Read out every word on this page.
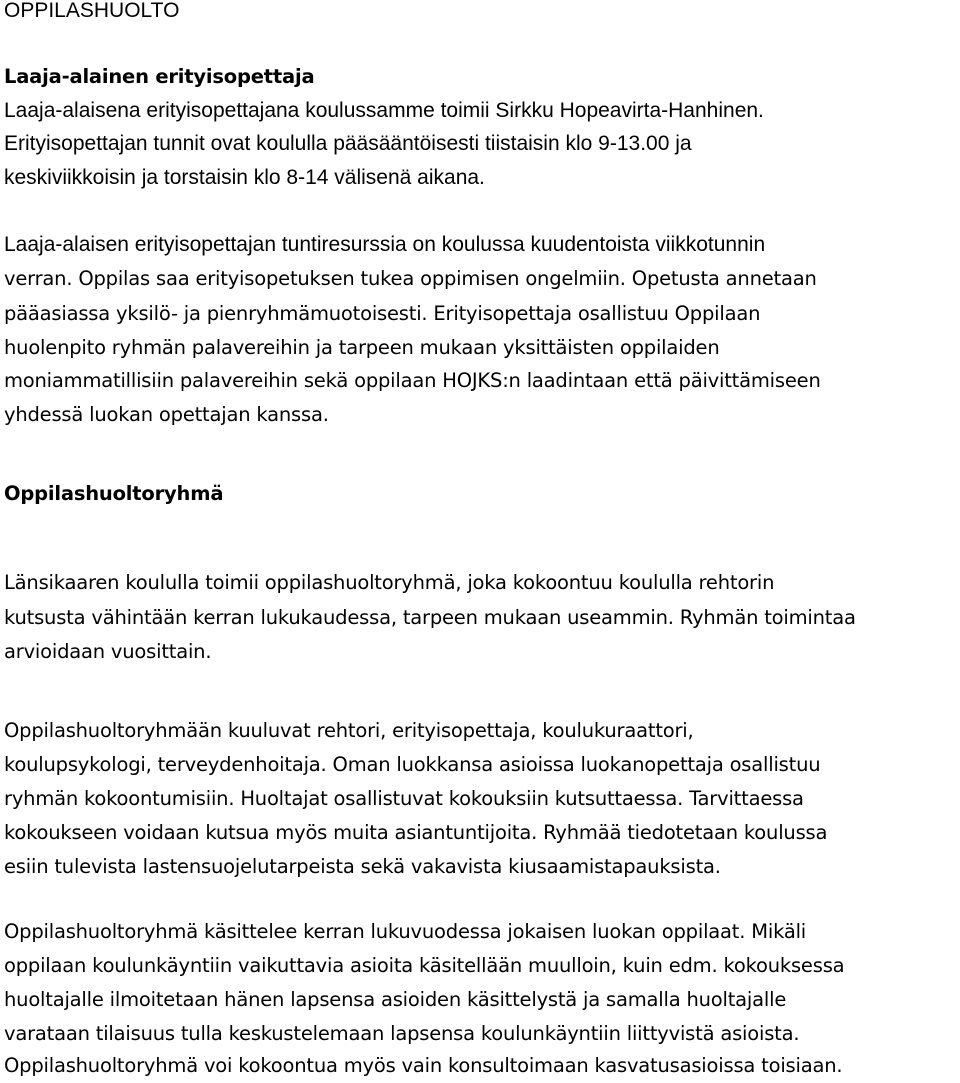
OPPILASHUOLTO
Laaja-alainen erityisopettaja
Laaja-alaisena erityisopettajana koulussamme toimii Sirkku Hopeavirta-Hanhinen.
Erityisopettajan tunnit ovat koululla pääsääntöisesti tiistaisin klo 9-13.00 ja
keskiviikkoisin ja torstaisin klo 8-14 välisenä aikana.
Laaja-alaisen erityisopettajan tuntiresurssia on koulussa kuudentoista viikkotunnin
verran. Oppilas saa erityisopetuksen tukea oppimisen ongelmiin. Opetusta annetaan
pääasiassa yksilö- ja pienryhmämuotoisesti. Erityisopettaja osallistuu Oppilaan
huolenpito ryhmän palavereihin ja tarpeen mukaan yksittäisten oppilaiden
moniammatillisiin palavereihin sekä oppilaan HOJKS:n laadintaan että päivittämiseen
yhdessä luokan opettajan kanssa.
Oppilashuoltoryhmä
Länsikaaren koululla toimii oppilashuoltoryhmä, joka kokoontuu koululla rehtorin
kutsusta vähintään kerran lukukaudessa, tarpeen mukaan useammin. Ryhmän toimintaa
arvioidaan vuosittain.
Oppilashuoltoryhmään kuuluvat rehtori, erityisopettaja, koulukuraattori,
koulupsykologi, terveydenhoitaja. Oman luokkansa asioissa luokanopettaja osallistuu
ryhmän kokoontumisiin. Huoltajat osallistuvat kokouksiin kutsuttaessa. Tarvittaessa
kokoukseen voidaan kutsua myös muita asiantuntijoita. Ryhmää tiedotetaan koulussa
esiin tulevista lastensuojelutarpeista sekä vakavista kiusaamistapauksista.
Oppilashuoltoryhmä käsittelee kerran lukuvuodessa jokaisen luokan oppilaat. Mikäli
oppilaan koulunkäyntiin vaikuttavia asioita käsitellään muulloin, kuin edm. kokouksessa
huoltajalle ilmoitetaan hänen lapsensa asioiden käsittelystä ja samalla huoltajalle
varataan tilaisuus tulla keskustelemaan lapsensa koulunkäyntiin liittyvistä asioista.
Oppilashuoltoryhmä voi kokoontua myös vain konsultoimaan kasvatusasioissa toisiaan.
